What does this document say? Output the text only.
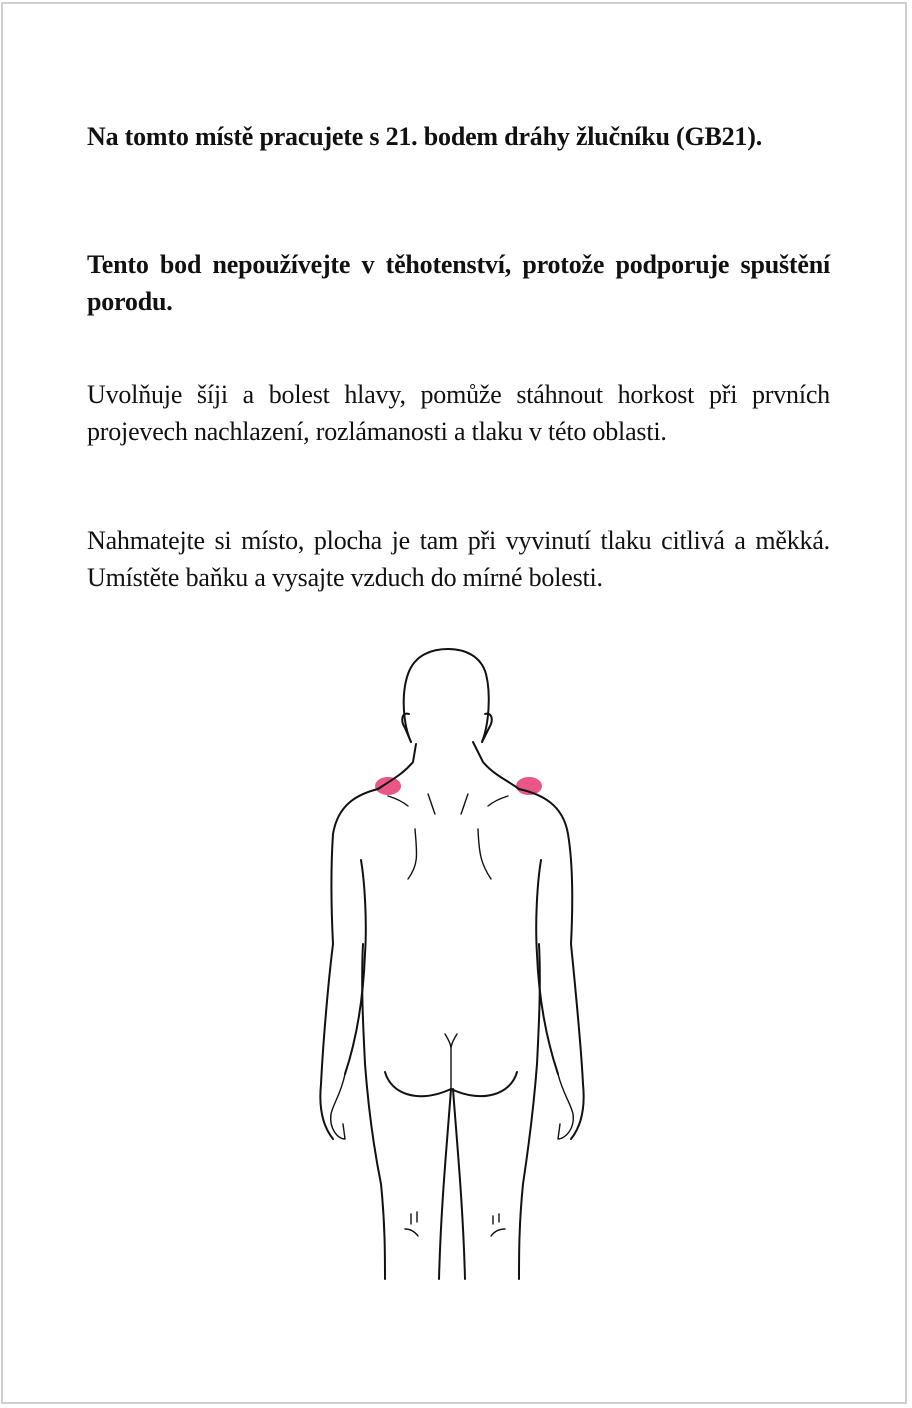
Na tomto místě pracujete s 21. bodem dráhy žlučníku (GB21).

Tento bod nepoužívejte v těhotenství, protože podporuje spuštění porodu.

Uvolňuje šíji a bolest hlavy, pomůže stáhnout horkost při prvních projevech nachlazení, rozlámanosti a tlaku v této oblasti.

Nahmatejte si místo, plocha je tam při vyvinutí tlaku citlivá a měkká. Umístěte baňku a vysajte vzduch do mírné bolesti.
